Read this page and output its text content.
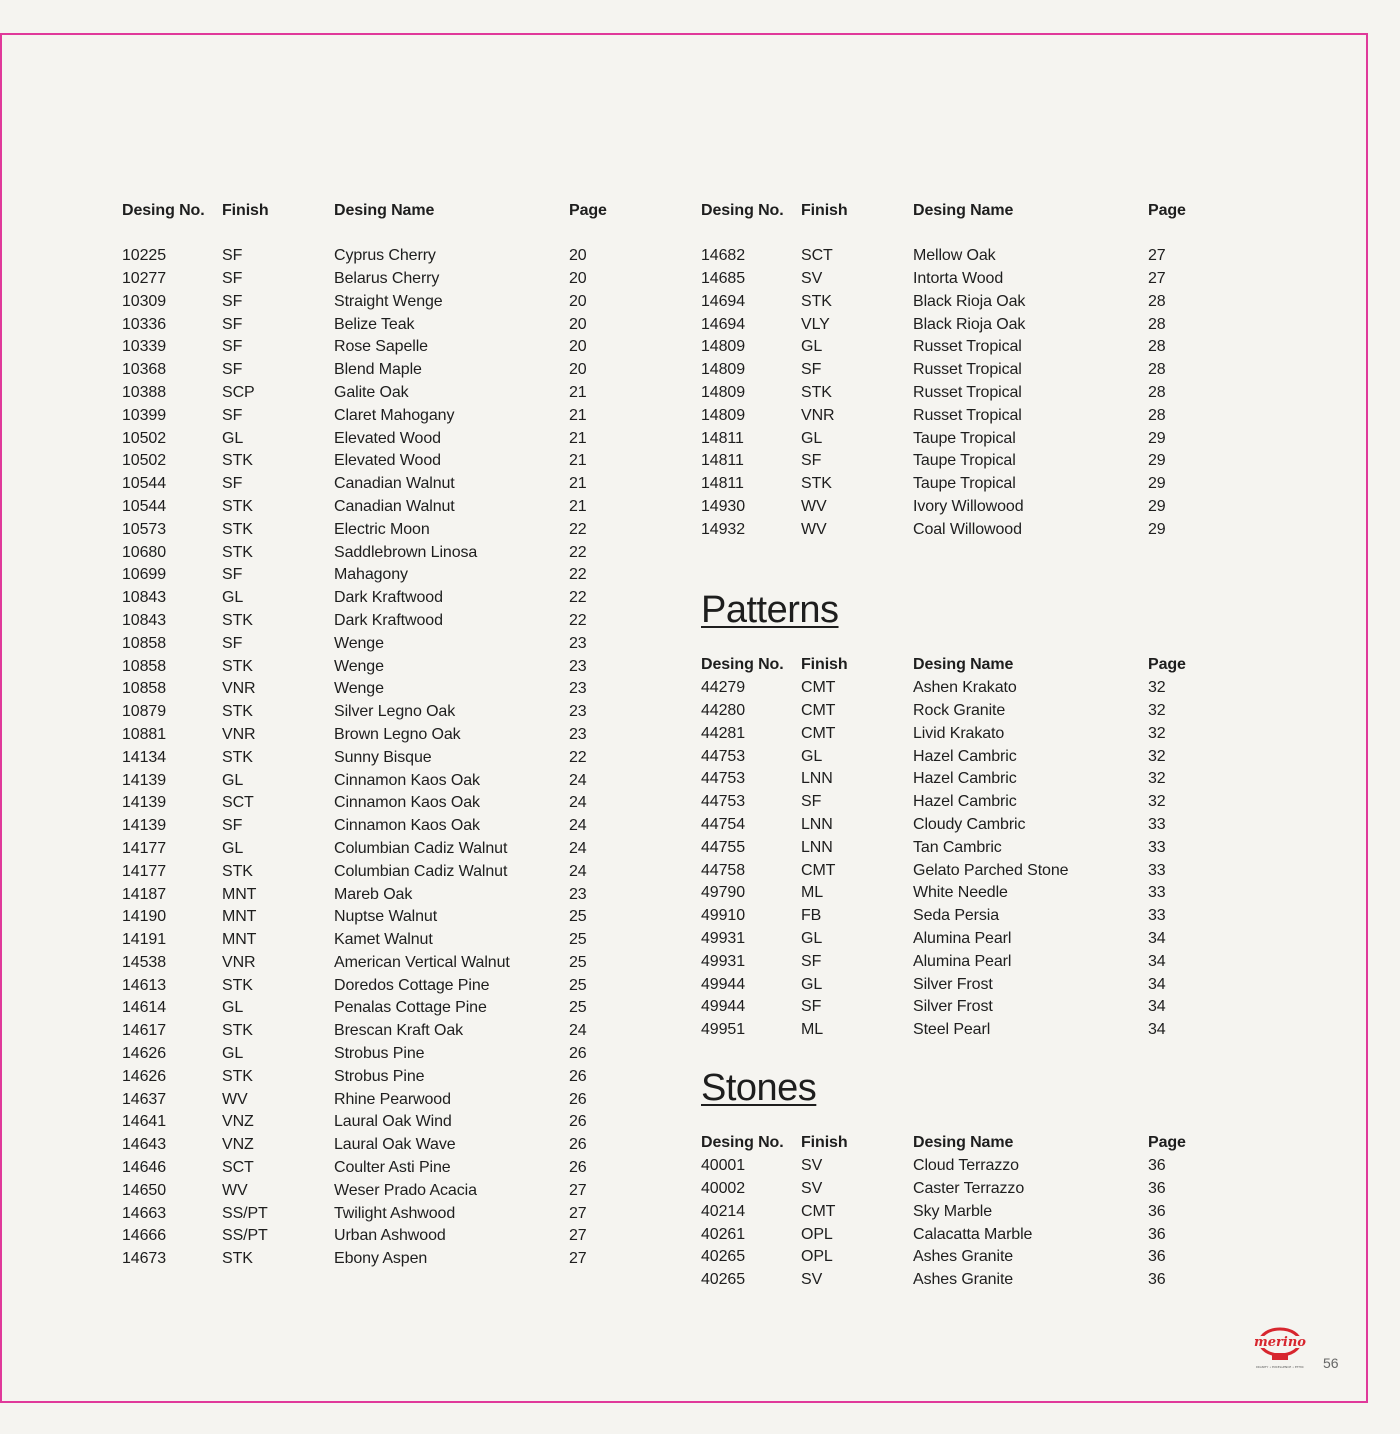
Desing No.	Finish	Desing Name	Page
10225	SF	Cyprus Cherry	20
10277	SF	Belarus Cherry	20
10309	SF	Straight Wenge	20
10336	SF	Belize Teak	20
10339	SF	Rose Sapelle	20
10368	SF	Blend Maple	20
10388	SCP	Galite Oak	21
10399	SF	Claret Mahogany	21
10502	GL	Elevated Wood	21
10502	STK	Elevated Wood	21
10544	SF	Canadian Walnut	21
10544	STK	Canadian Walnut	21
10573	STK	Electric Moon	22
10680	STK	Saddlebrown Linosa	22
10699	SF	Mahagony	22
10843	GL	Dark Kraftwood	22
10843	STK	Dark Kraftwood	22
10858	SF	Wenge	23
10858	STK	Wenge	23
10858	VNR	Wenge	23
10879	STK	Silver Legno Oak	23
10881	VNR	Brown Legno Oak	23
14134	STK	Sunny Bisque	22
14139	GL	Cinnamon Kaos Oak	24
14139	SCT	Cinnamon Kaos Oak	24
14139	SF	Cinnamon Kaos Oak	24
14177	GL	Columbian Cadiz Walnut	24
14177	STK	Columbian Cadiz Walnut	24
14187	MNT	Mareb Oak	23
14190	MNT	Nuptse Walnut	25
14191	MNT	Kamet Walnut	25
14538	VNR	American Vertical Walnut	25
14613	STK	Doredos Cottage Pine	25
14614	GL	Penalas Cottage Pine	25
14617	STK	Brescan Kraft Oak	24
14626	GL	Strobus Pine	26
14626	STK	Strobus Pine	26
14637	WV	Rhine Pearwood	26
14641	VNZ	Laural Oak Wind	26
14643	VNZ	Laural Oak Wave	26
14646	SCT	Coulter Asti Pine	26
14650	WV	Weser Prado Acacia	27
14663	SS/PT	Twilight Ashwood	27
14666	SS/PT	Urban Ashwood	27
14673	STK	Ebony Aspen	27
Desing No.	Finish	Desing Name	Page
14682	SCT	Mellow Oak	27
14685	SV	Intorta Wood	27
14694	STK	Black Rioja Oak	28
14694	VLY	Black Rioja Oak	28
14809	GL	Russet Tropical	28
14809	SF	Russet Tropical	28
14809	STK	Russet Tropical	28
14809	VNR	Russet Tropical	28
14811	GL	Taupe Tropical	29
14811	SF	Taupe Tropical	29
14811	STK	Taupe Tropical	29
14930	WV	Ivory Willowood	29
14932	WV	Coal Willowood	29
Patterns
Desing No.	Finish	Desing Name	Page
44279	CMT	Ashen Krakato	32
44280	CMT	Rock Granite	32
44281	CMT	Livid Krakato	32
44753	GL	Hazel Cambric	32
44753	LNN	Hazel Cambric	32
44753	SF	Hazel Cambric	32
44754	LNN	Cloudy Cambric	33
44755	LNN	Tan Cambric	33
44758	CMT	Gelato Parched Stone	33
49790	ML	White Needle	33
49910	FB	Seda Persia	33
49931	GL	Alumina Pearl	34
49931	SF	Alumina Pearl	34
49944	GL	Silver Frost	34
49944	SF	Silver Frost	34
49951	ML	Steel Pearl	34
Stones
Desing No.	Finish	Desing Name	Page
40001	SV	Cloud Terrazzo	36
40002	SV	Caster Terrazzo	36
40214	CMT	Sky Marble	36
40261	OPL	Calacatta Marble	36
40265	OPL	Ashes Granite	36
40265	SV	Ashes Granite	36
merino
DIGNITY • EXCELLENCE • ETHIC 56
